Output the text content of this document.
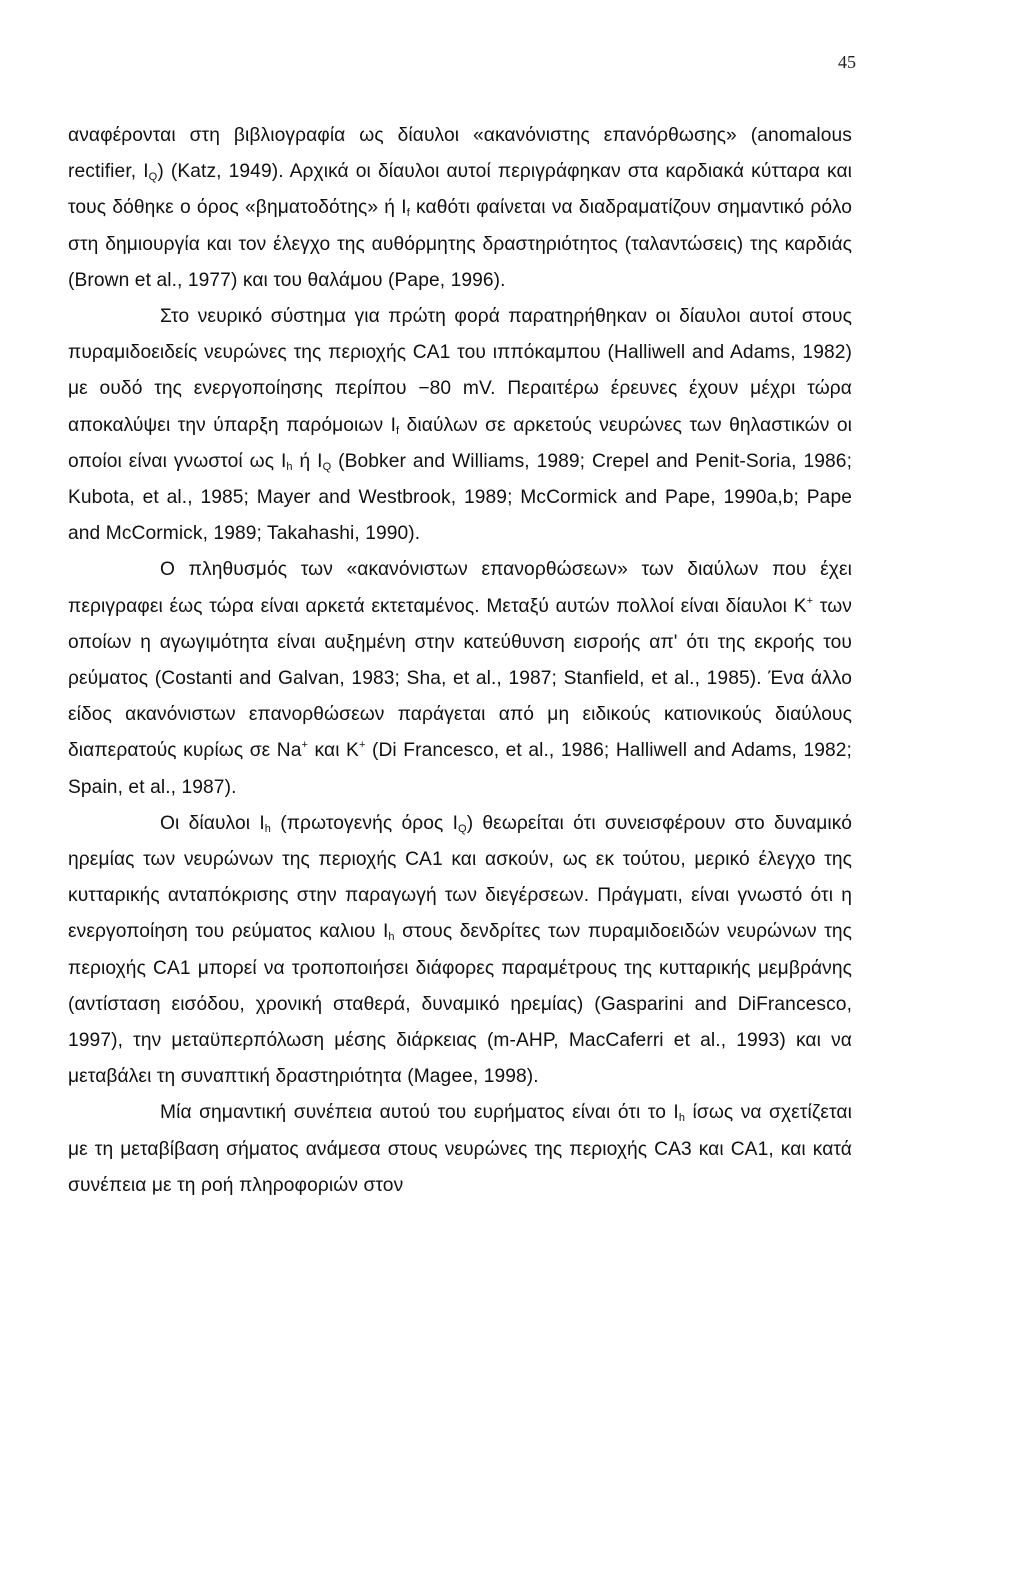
45

αναφέρονται στη βιβλιογραφία ως δίαυλοι «ακανόνιστης επανόρθωσης» (anomalous rectifier, $I_Q$) (Katz, 1949). Αρχικά οι δίαυλοι αυτοί περιγράφηκαν στα καρδιακά κύτταρα και τους δόθηκε ο όρος «βηματοδότης» ή $I_f$ καθότι φαίνεται να διαδραματίζουν σημαντικό ρόλο στη δημιουργία και τον έλεγχο της αυθόρμητης δραστηριότητος (ταλαντώσεις) της καρδιάς (Brown et al., 1977) και του θαλάμου (Pape, 1996).

Στο νευρικό σύστημα για πρώτη φορά παρατηρήθηκαν οι δίαυλοι αυτοί στους πυραμιδοειδείς νευρώνες της περιοχής CA1 του ιππόκαμπου (Halliwell and Adams, 1982) με ουδό της ενεργοποίησης περίπου −80 mV. Περαιτέρω έρευνες έχουν μέχρι τώρα αποκαλύψει την ύπαρξη παρόμοιων $I_f$ διαύλων σε αρκετούς νευρώνες των θηλαστικών οι οποίοι είναι γνωστοί ως $I_h$ ή $I_Q$ (Bobker and Williams, 1989; Crepel and Penit-Soria, 1986; Kubota, et al., 1985; Mayer and Westbrook, 1989; McCormick and Pape, 1990a,b; Pape and McCormick, 1989; Takahashi, 1990).

Ο πληθυσμός των «ακανόνιστων επανορθώσεων» των διαύλων που έχει περιγραφει έως τώρα είναι αρκετά εκτεταμένος. Μεταξύ αυτών πολλοί είναι δίαυλοι K+ των οποίων η αγωγιμότητα είναι αυξημένη στην κατεύθυνση εισροής απ' ότι της εκροής του ρεύματος (Costanti and Galvan, 1983; Sha, et al., 1987; Stanfield, et al., 1985). Ένα άλλο είδος ακανόνιστων επανορθώσεων παράγεται από μη ειδικούς κατιονικούς διαύλους διαπερατούς κυρίως σε Na+ και K+ (Di Francesco, et al., 1986; Halliwell and Adams, 1982; Spain, et al., 1987).

Οι δίαυλοι $I_h$ (πρωτογενής όρος $I_Q$) θεωρείται ότι συνεισφέρουν στο δυναμικό ηρεμίας των νευρώνων της περιοχής CA1 και ασκούν, ως εκ τούτου, μερικό έλεγχο της κυτταρικής ανταπόκρισης στην παραγωγή των διεγέρσεων. Πράγματι, είναι γνωστό ότι η ενεργοποίηση του ρεύματος καλιου $I_h$ στους δενδρίτες των πυραμιδοειδών νευρώνων της περιοχής CA1 μπορεί να τροποποιήσει διάφορες παραμέτρους της κυτταρικής μεμβράνης (αντίσταση εισόδου, χρονική σταθερά, δυναμικό ηρεμίας) (Gasparini and DiFrancesco, 1997), την μεταϋπερπόλωση μέσης διάρκειας (m-AHP, MacCaferri et al., 1993) και να μεταβάλει τη συναπτική δραστηριότητα (Magee, 1998).

Μία σημαντική συνέπεια αυτού του ευρήματος είναι ότι το $I_h$ ίσως να σχετίζεται με τη μεταβίβαση σήματος ανάμεσα στους νευρώνες της περιοχής CA3 και CA1, και κατά συνέπεια με τη ροή πληροφοριών στον
